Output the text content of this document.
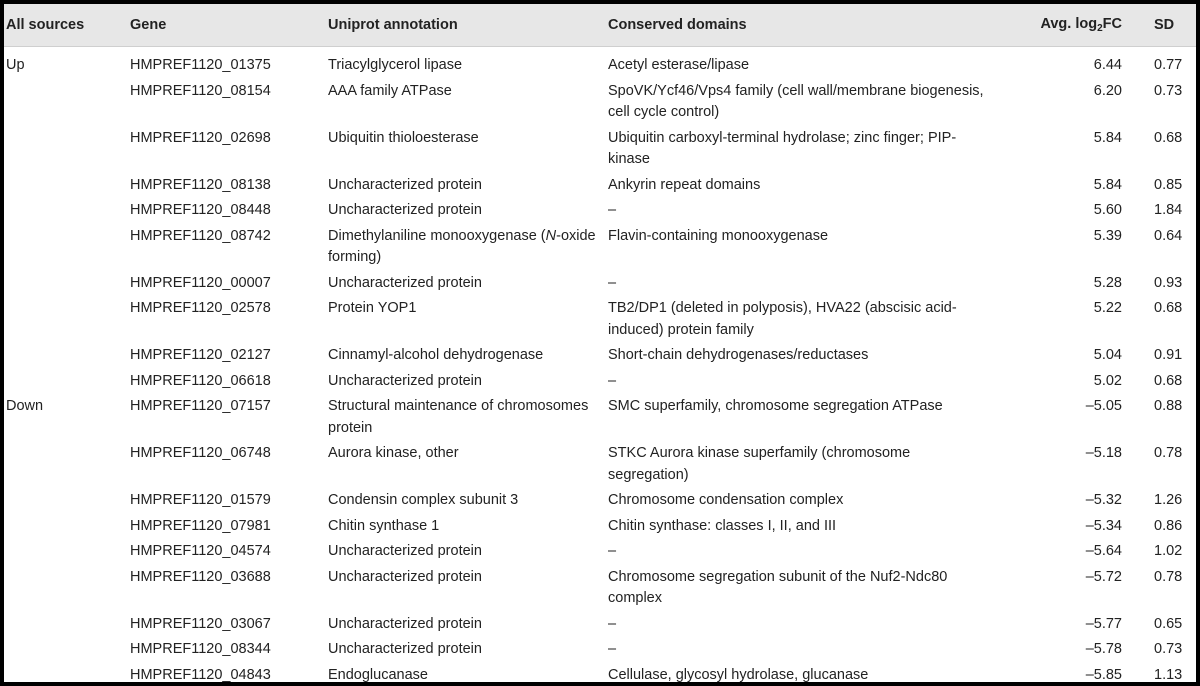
All sources	Gene	Uniprot annotation	Conserved domains	Avg. $\log_2FC$	SD
Up	HMPREF1120_01375	Triacylglycerol lipase	Acetyl esterase/lipase	6.44	0.77
	HMPREF1120_08154	AAA family ATPase	SpoVK/Ycf46/Vps4 family (cell wall/membrane biogenesis, cell cycle control)	6.20	0.73
	HMPREF1120_02698	Ubiquitin thioloesterase	Ubiquitin carboxyl-terminal hydrolase; zinc finger; PIP-kinase	5.84	0.68
	HMPREF1120_08138	Uncharacterized protein	Ankyrin repeat domains	5.84	0.85
	HMPREF1120_08448	Uncharacterized protein	–	5.60	1.84
	HMPREF1120_08742	Dimethylaniline monooxygenase (N-oxide forming)	Flavin-containing monooxygenase	5.39	0.64
	HMPREF1120_00007	Uncharacterized protein	–	5.28	0.93
	HMPREF1120_02578	Protein YOP1	TB2/DP1 (deleted in polyposis), HVA22 (abscisic acid-induced) protein family	5.22	0.68
	HMPREF1120_02127	Cinnamyl-alcohol dehydrogenase	Short-chain dehydrogenases/reductases	5.04	0.91
	HMPREF1120_06618	Uncharacterized protein	–	5.02	0.68
Down	HMPREF1120_07157	Structural maintenance of chromosomes protein	SMC superfamily, chromosome segregation ATPase	–5.05	0.88
	HMPREF1120_06748	Aurora kinase, other	STKC Aurora kinase superfamily (chromosome segregation)	–5.18	0.78
	HMPREF1120_01579	Condensin complex subunit 3	Chromosome condensation complex	–5.32	1.26
	HMPREF1120_07981	Chitin synthase 1	Chitin synthase: classes I, II, and III	–5.34	0.86
	HMPREF1120_04574	Uncharacterized protein	–	–5.64	1.02
	HMPREF1120_03688	Uncharacterized protein	Chromosome segregation subunit of the Nuf2-Ndc80 complex	–5.72	0.78
	HMPREF1120_03067	Uncharacterized protein	–	–5.77	0.65
	HMPREF1120_08344	Uncharacterized protein	–	–5.78	0.73
	HMPREF1120_04843	Endoglucanase	Cellulase, glycosyl hydrolase, glucanase	–5.85	1.13
